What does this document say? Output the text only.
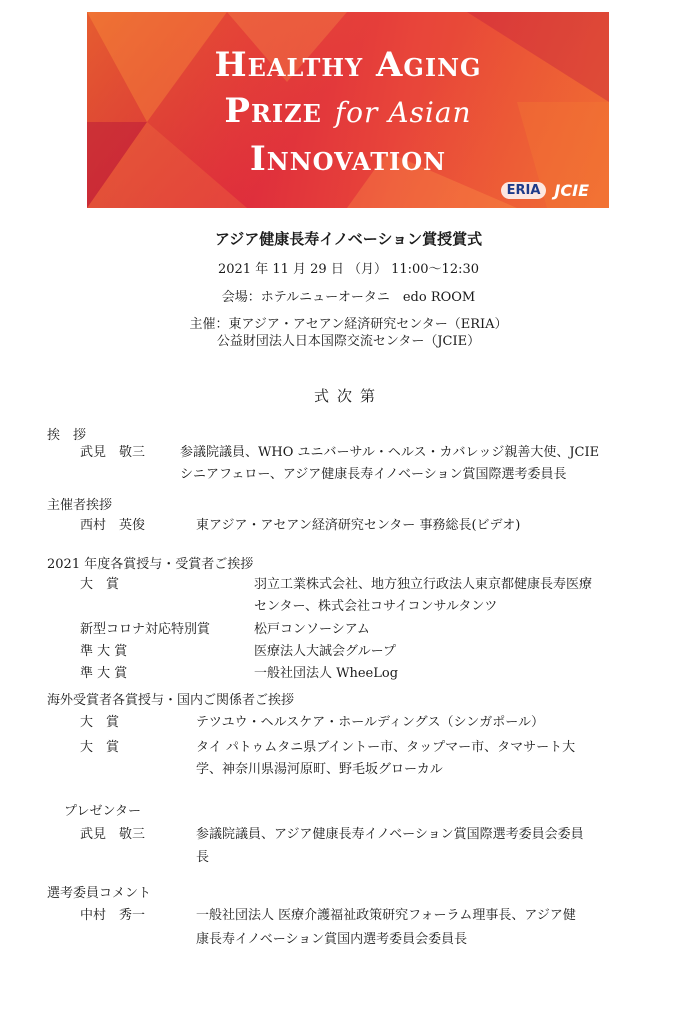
Healthy Aging
Prize for Asian
Innovation
ERIA JCIE
アジア健康長寿イノベーション賞授賞式
2021 年 11 月 29 日 （月） 11:00～12:30
会場：ホテルニューオータニ　edo ROOM
主催：東アジア・アセアン経済研究センター（ERIA）
公益財団法人日本国際交流センター（JCIE）
式次第
挨　拶
武見　敬三	参議院議員、WHO ユニバーサル・ヘルス・カバレッジ親善大使、JCIE
シニアフェロー、アジア健康長寿イノベーション賞国際選考委員長
主催者挨拶
西村　英俊	東アジア・アセアン経済研究センター 事務総長(ビデオ)
2021 年度各賞授与・受賞者ご挨拶
大　賞	羽立工業株式会社、地方独立行政法人東京都健康長寿医療
センター、株式会社コサイコンサルタンツ
新型コロナ対応特別賞	松戸コンソーシアム
準 大 賞	医療法人大誠会グループ
準 大 賞	一般社団法人 WheeLog
海外受賞者各賞授与・国内ご関係者ご挨拶
大　賞	テツユウ・ヘルスケア・ホールディングス（シンガポール）
大　賞	タイ パトゥムタニ県ブイントー市、タップマー市、タマサート大
学、神奈川県湯河原町、野毛坂グローカル
プレゼンター
武見　敬三	参議院議員、アジア健康長寿イノベーション賞国際選考委員会委員
長
選考委員コメント
中村　秀一	一般社団法人 医療介護福祉政策研究フォーラム理事長、アジア健
康長寿イノベーション賞国内選考委員会委員長
